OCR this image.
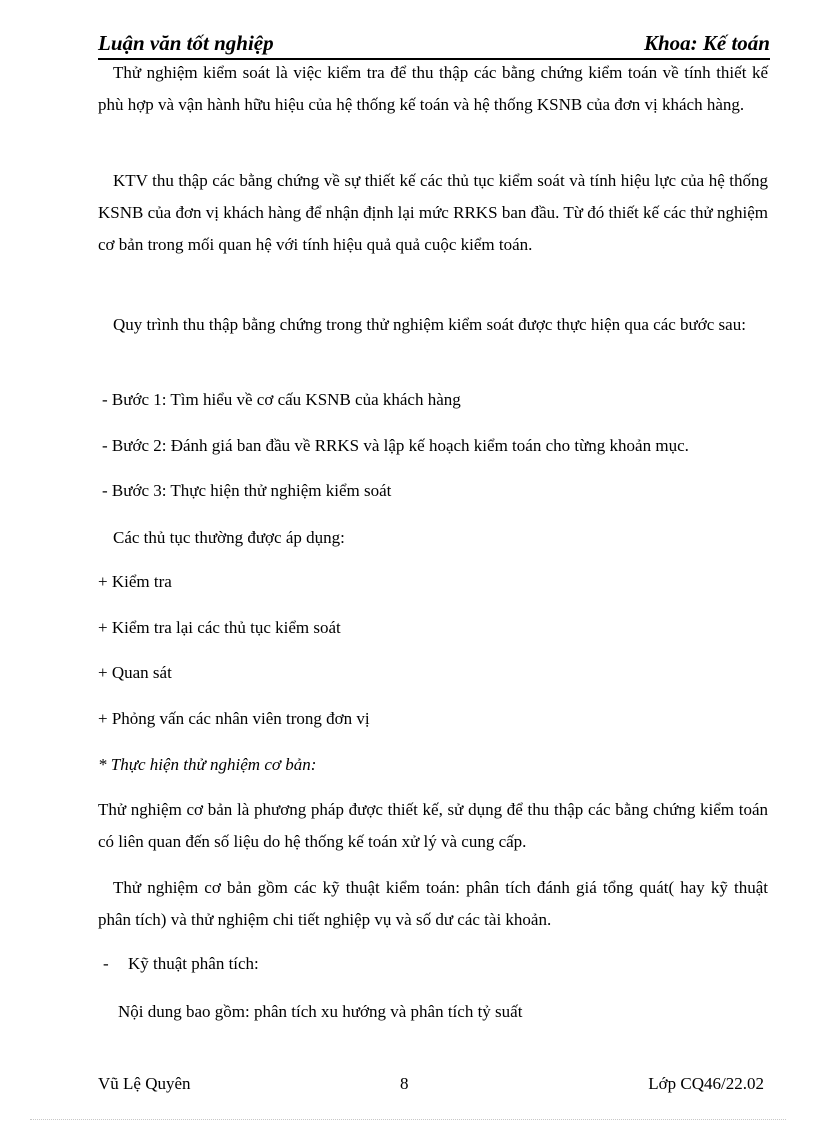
Luận văn tốt nghiệp	Khoa: Kế toán
Thử nghiệm kiểm soát là việc kiểm tra để thu thập các bằng chứng kiểm toán về tính thiết kế phù hợp và vận hành hữu hiệu của hệ thống kế toán và hệ thống KSNB của đơn vị khách hàng.
KTV thu thập các bằng chứng về sự thiết kế các thủ tục kiểm soát và tính hiệu lực của hệ thống KSNB của đơn vị khách hàng để nhận định lại mức RRKS ban đầu. Từ đó thiết kế các thử nghiệm cơ bản trong mối quan hệ với tính hiệu quả quả cuộc kiểm toán.
Quy trình thu thập bằng chứng trong thử nghiệm kiểm soát được thực hiện qua các bước sau:
- Bước 1: Tìm hiểu về cơ cấu KSNB của khách hàng
- Bước 2: Đánh giá ban đầu về RRKS và lập kế hoạch kiểm toán cho từng khoản mục.
- Bước 3: Thực hiện thử nghiệm kiểm soát
Các thủ tục thường được áp dụng:
+ Kiểm tra
+ Kiểm tra lại các thủ tục kiểm soát
+ Quan sát
+ Phỏng vấn các nhân viên trong đơn vị
* Thực hiện thử nghiệm cơ bản:
Thử nghiệm cơ bản là phương pháp được thiết kế, sử dụng để thu thập các bằng chứng kiểm toán có liên quan đến số liệu do hệ thống kế toán xử lý và cung cấp.
Thử nghiệm cơ bản gồm các kỹ thuật kiểm toán: phân tích đánh giá tổng quát( hay kỹ thuật phân tích) và thử nghiệm chi tiết nghiệp vụ và số dư các tài khoản.
- Kỹ thuật phân tích:
Nội dung bao gồm: phân tích xu hướng và phân tích tỷ suất
Vũ Lệ Quyên	8	Lớp CQ46/22.02
